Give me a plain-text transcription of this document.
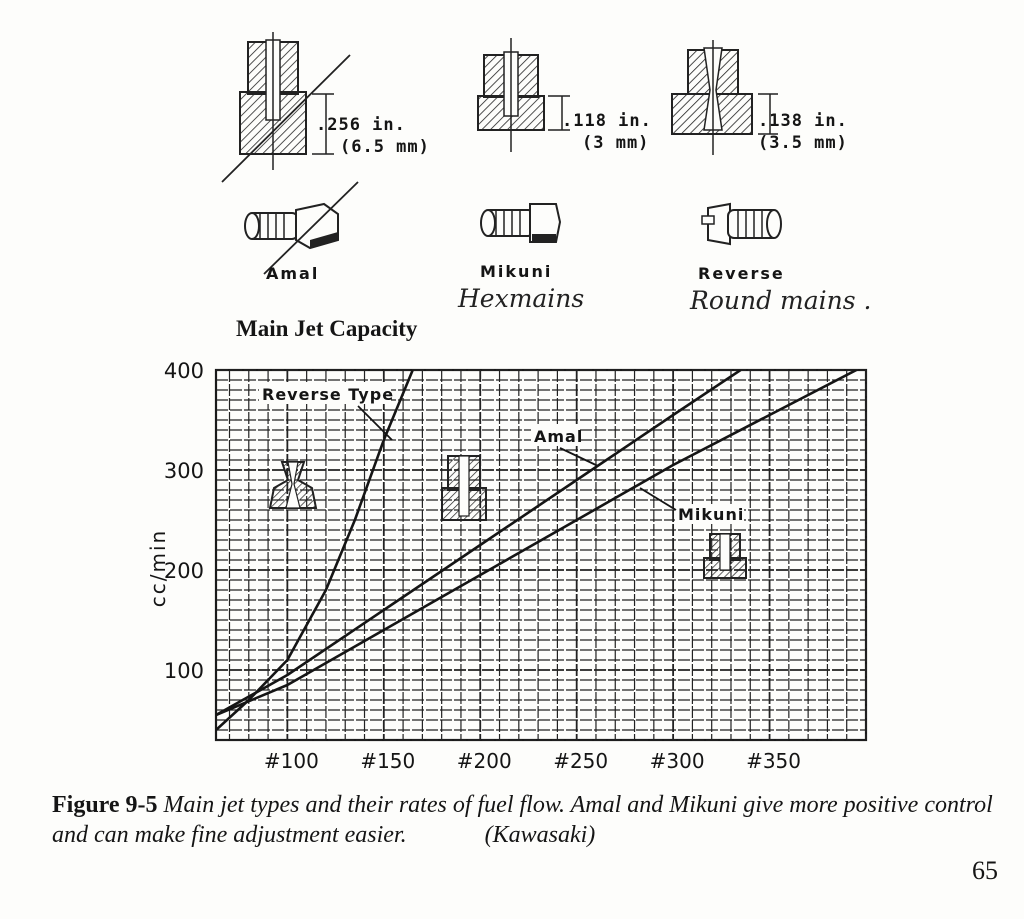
.256 in.
(6.5 mm)
.118 in.
(3 mm)
.138 in.
(3.5 mm)
Amal	Mikuni	Reverse
Hexmains	Round mains .
Main Jet Capacity
100
200
300
400
#100 #150 #200 #250 #300 #350
Reverse Type
Amal
Mikuni
cc/min
Figure 9-5 Main jet types and their rates of fuel flow. Amal and Mikuni give more positive control and can make fine adjustment easier.	(Kawasaki)
65
